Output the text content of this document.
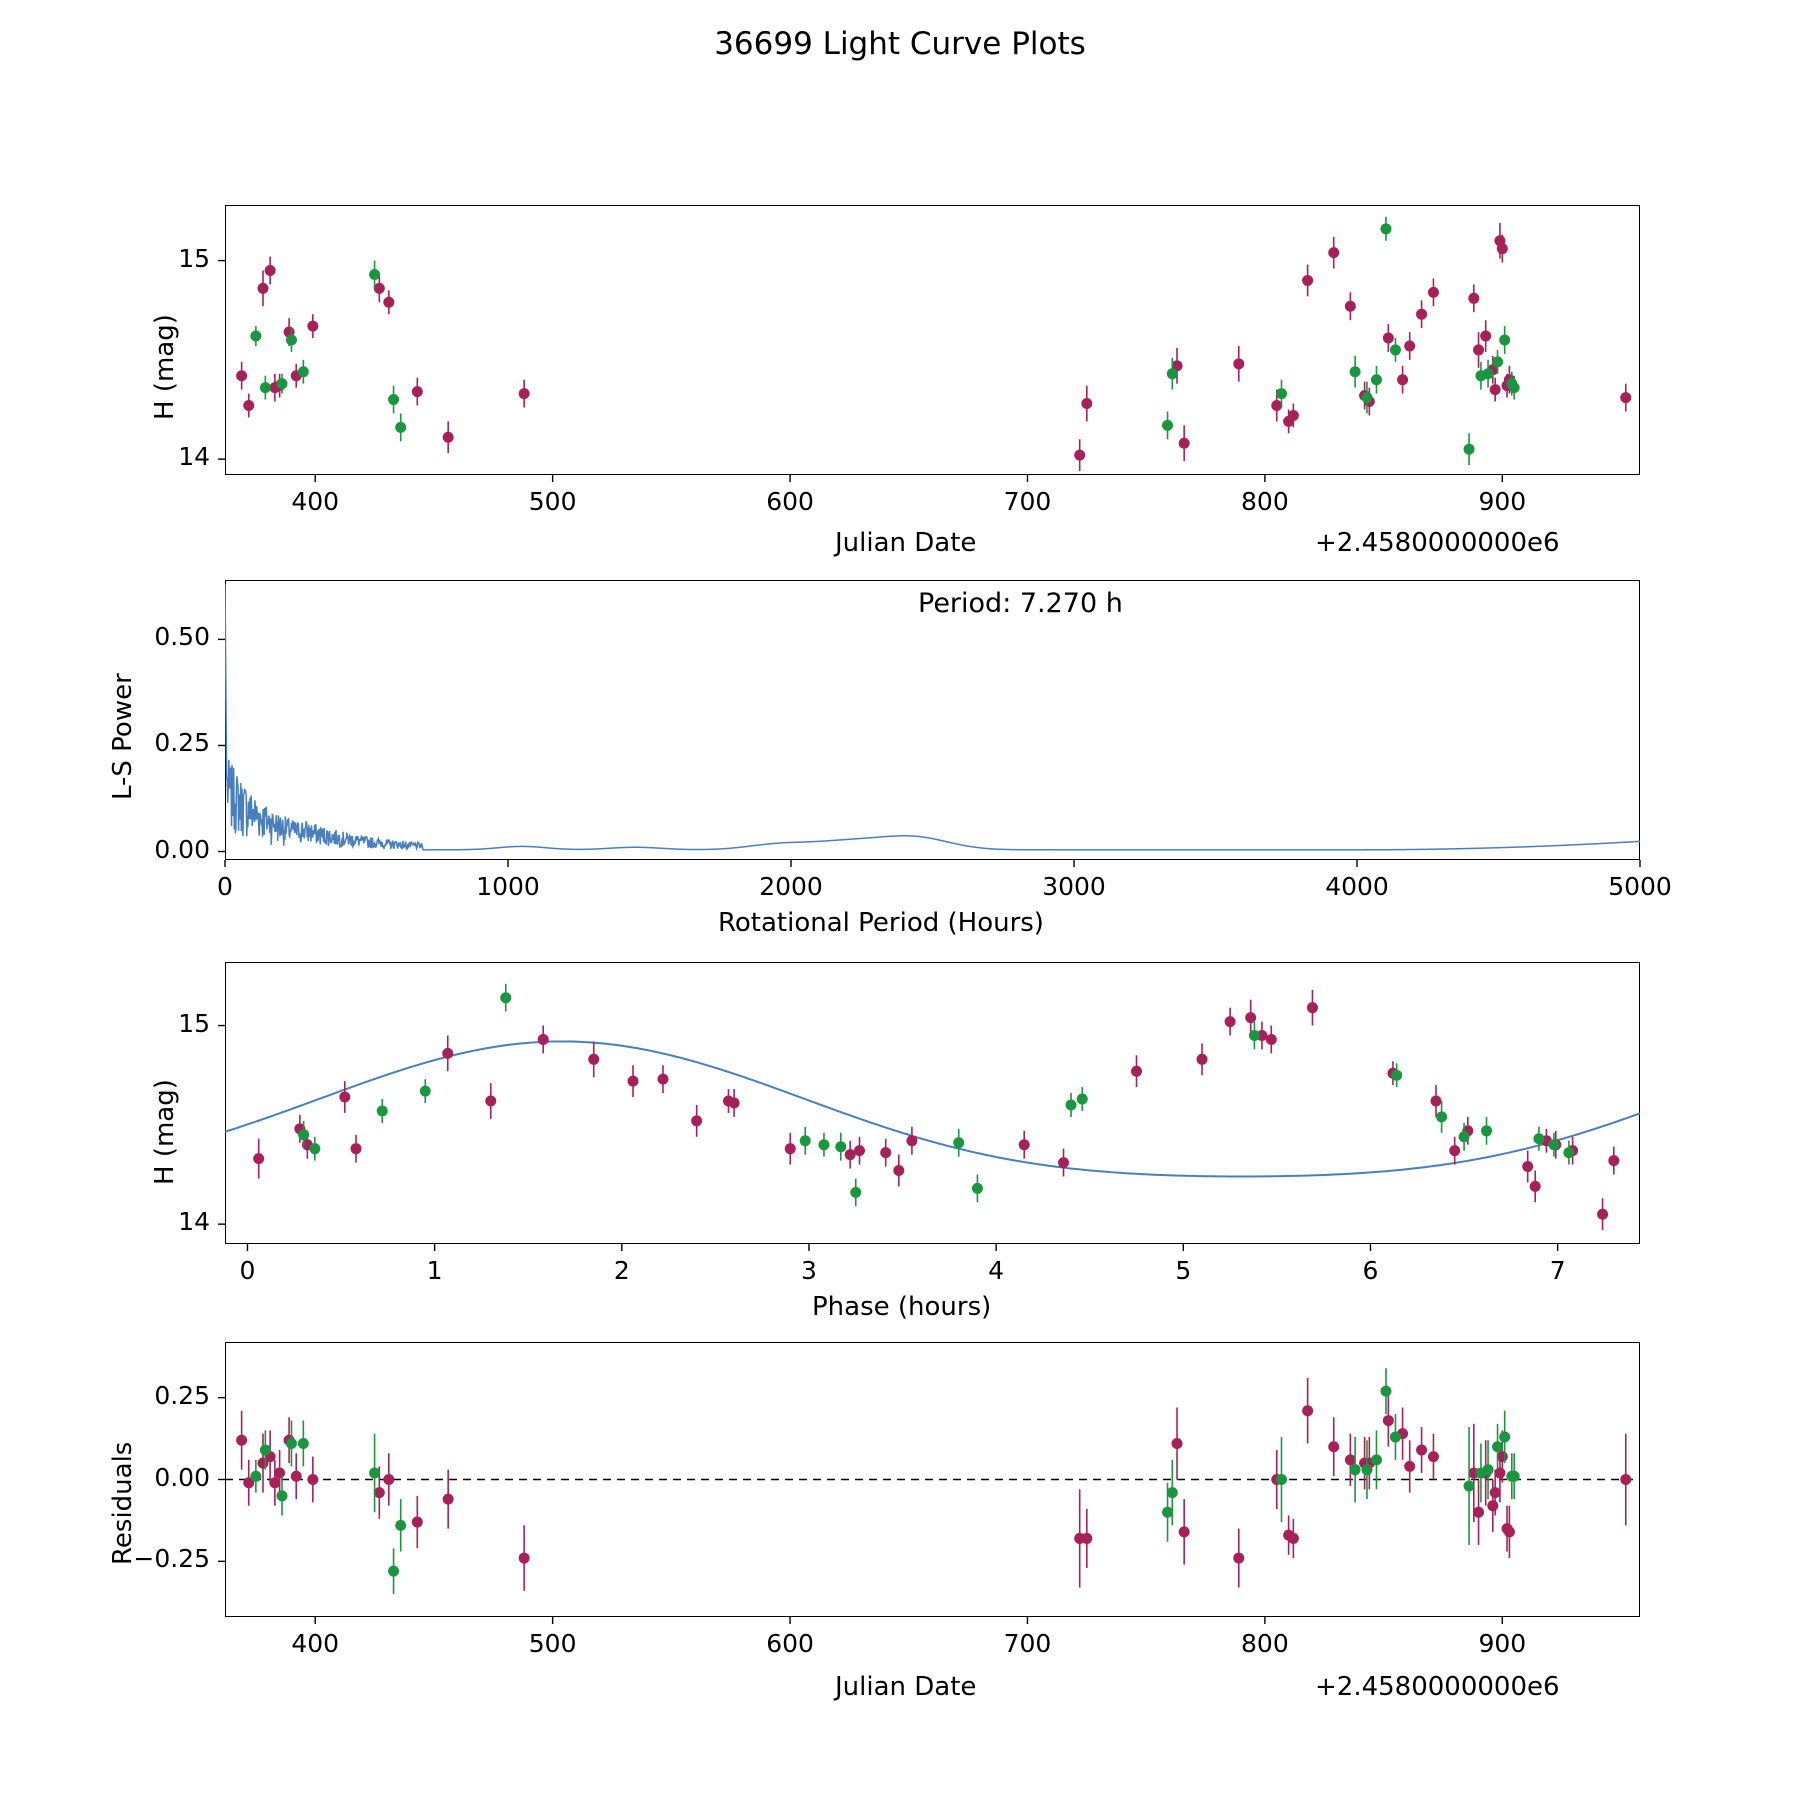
36699 Light Curve Plots
H (mag)
Julian Date	+2.4580000000e6
L-S Power
Rotational Period (Hours)
Period: 7.270 h
H (mag)
Phase (hours)
Residuals
Julian Date	+2.4580000000e6
400	500	600	700	800	900
14
15
0	1000	2000	3000	4000	5000
0.00
0.25
0.50
0	1	2	3	4	5	6	7
14
15
400	500	600	700	800	900
−0.25
0.00
0.25
